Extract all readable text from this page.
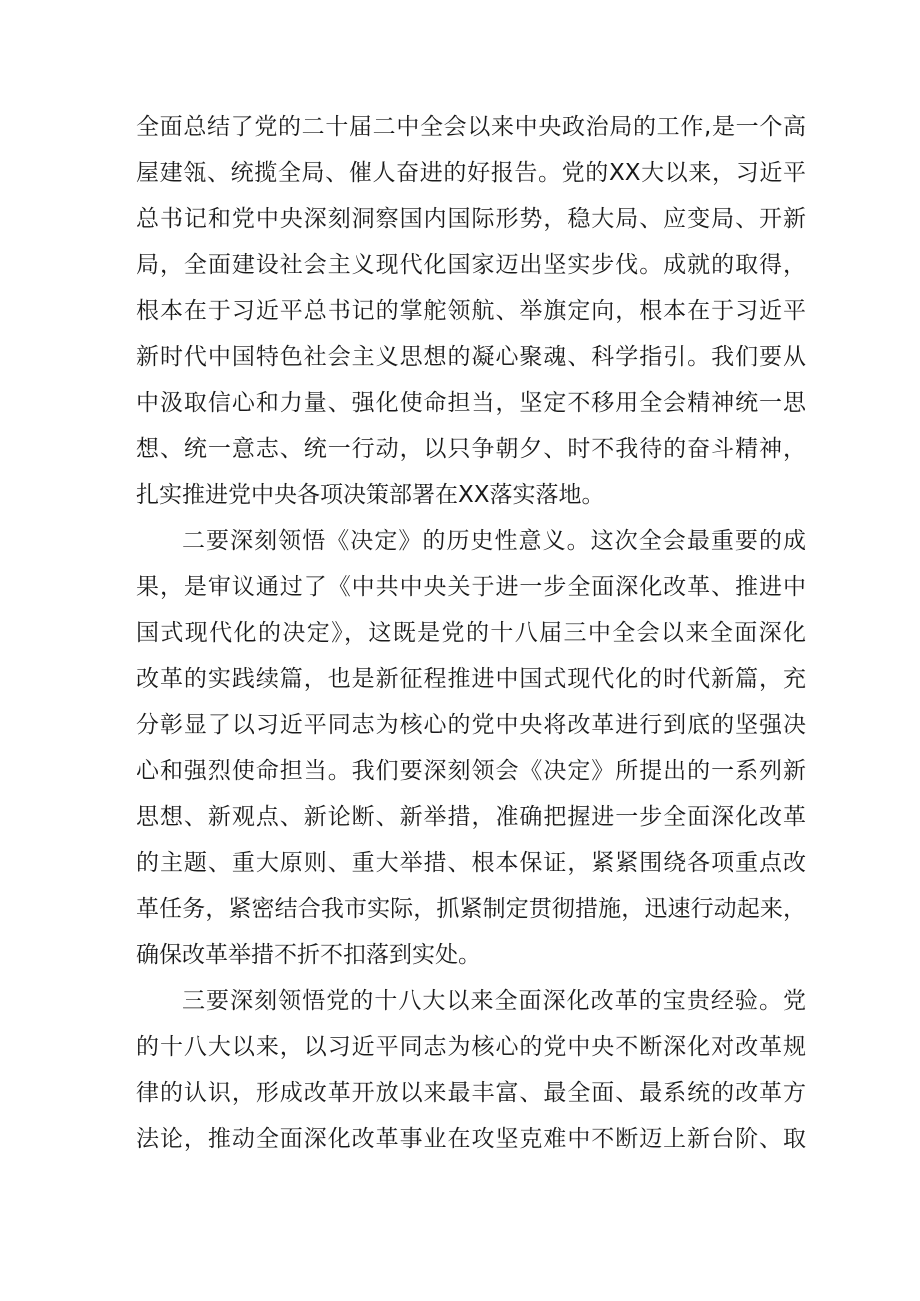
全面总结了党的二十届二中全会以来中央政治局的工作,是一个高
屋建瓴、统揽全局、催人奋进的好报告。党的XX大以来，习近平
总书记和党中央深刻洞察国内国际形势，稳大局、应变局、开新
局，全面建设社会主义现代化国家迈出坚实步伐。成就的取得，
根本在于习近平总书记的掌舵领航、举旗定向，根本在于习近平
新时代中国特色社会主义思想的凝心聚魂、科学指引。我们要从
中汲取信心和力量、强化使命担当，坚定不移用全会精神统一思
想、统一意志、统一行动，以只争朝夕、时不我待的奋斗精神，
扎实推进党中央各项决策部署在XX落实落地。
二要深刻领悟《决定》的历史性意义。这次全会最重要的成
果，是审议通过了《中共中央关于进一步全面深化改革、推进中
国式现代化的决定》，这既是党的十八届三中全会以来全面深化
改革的实践续篇，也是新征程推进中国式现代化的时代新篇，充
分彰显了以习近平同志为核心的党中央将改革进行到底的坚强决
心和强烈使命担当。我们要深刻领会《决定》所提出的一系列新
思想、新观点、新论断、新举措，准确把握进一步全面深化改革
的主题、重大原则、重大举措、根本保证，紧紧围绕各项重点改
革任务，紧密结合我市实际，抓紧制定贯彻措施，迅速行动起来，
确保改革举措不折不扣落到实处。
三要深刻领悟党的十八大以来全面深化改革的宝贵经验。党
的十八大以来，以习近平同志为核心的党中央不断深化对改革规
律的认识，形成改革开放以来最丰富、最全面、最系统的改革方
法论，推动全面深化改革事业在攻坚克难中不断迈上新台阶、取
